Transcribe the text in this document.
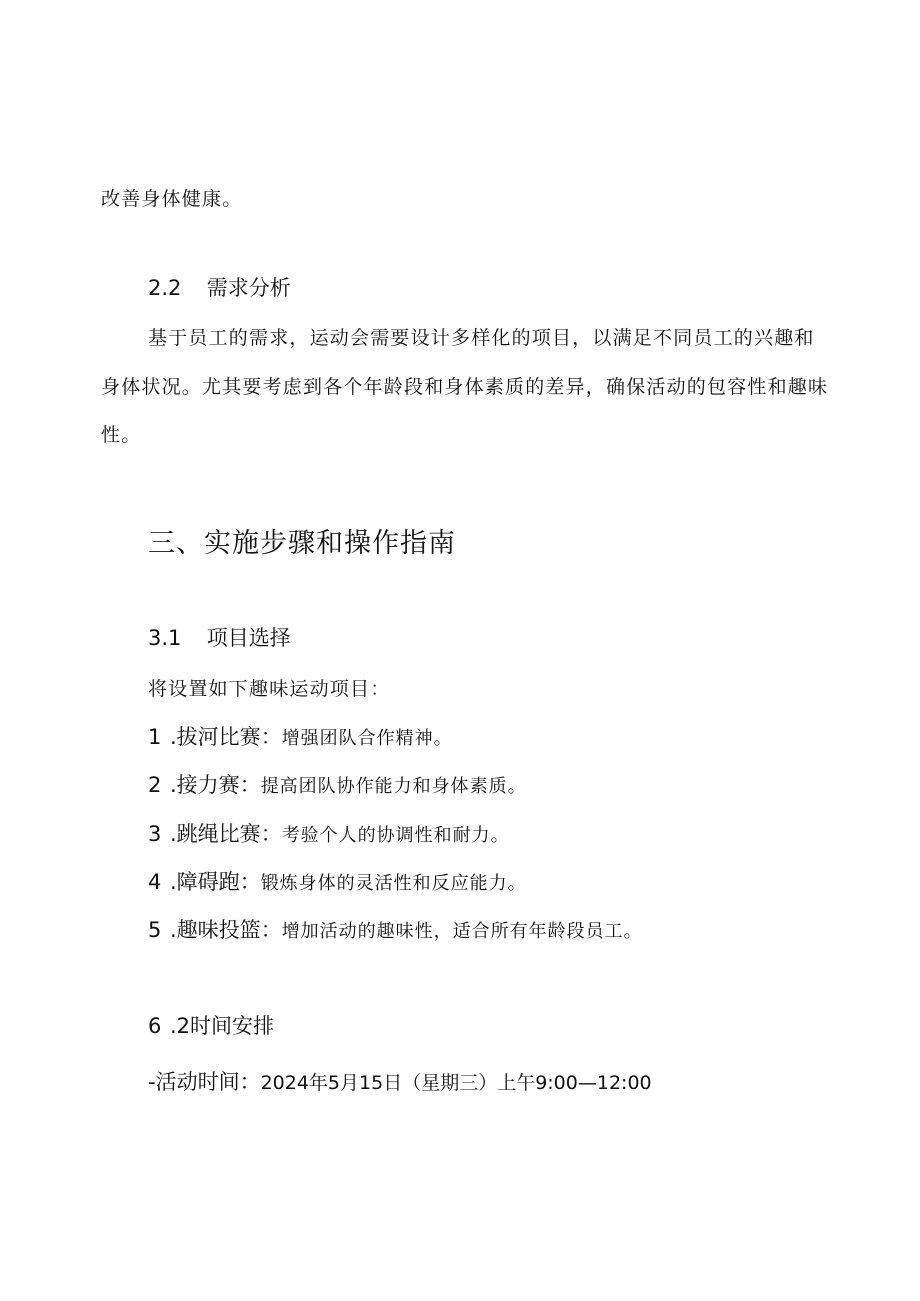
改善身体健康。
2.2 需求分析
基于员工的需求，运动会需要设计多样化的项目，以满足不同员工的兴趣和
身体状况。尤其要考虑到各个年龄段和身体素质的差异，确保活动的包容性和趣味
性。
三、实施步骤和操作指南
3.1 项目选择
将设置如下趣味运动项目：
1 .拔河比赛：增强团队合作精神。
2 .接力赛：提高团队协作能力和身体素质。
3 .跳绳比赛：考验个人的协调性和耐力。
4 .障碍跑：锻炼身体的灵活性和反应能力。
5 .趣味投篮：增加活动的趣味性，适合所有年龄段员工。
6 .2时间安排
-活动时间：2024年5月15日（星期三）上午9:00—12:00
